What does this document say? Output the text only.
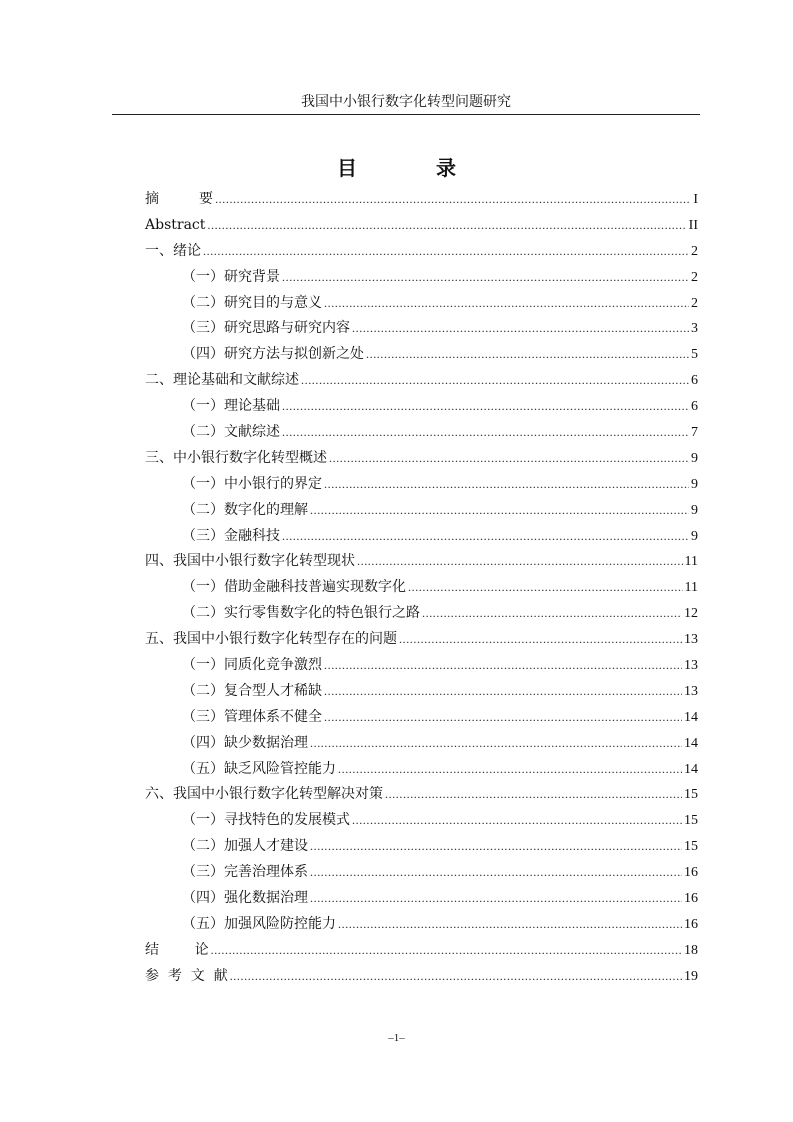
我国中小银行数字化转型问题研究
目 录
摘         要 .....	I
Abstract .....	II
一、绪论 .....	2
（一）研究背景 .....	2
（二）研究目的与意义 .....	2
（三）研究思路与研究内容 .....	3
（四）研究方法与拟创新之处 .....	5
二、理论基础和文献综述 .....	6
（一）理论基础 .....	6
（二）文献综述 .....	7
三、中小银行数字化转型概述 .....	9
（一）中小银行的界定 .....	9
（二）数字化的理解 .....	9
（三）金融科技 .....	9
四、我国中小银行数字化转型现状 .....	11
（一）借助金融科技普遍实现数字化 .....	11
（二）实行零售数字化的特色银行之路 .....	12
五、我国中小银行数字化转型存在的问题 .....	13
（一）同质化竞争激烈 .....	13
（二）复合型人才稀缺 .....	13
（三）管理体系不健全 .....	14
（四）缺少数据治理 .....	14
（五）缺乏风险管控能力 .....	14
六、我国中小银行数字化转型解决对策 .....	15
（一）寻找特色的发展模式 .....	15
（二）加强人才建设 .....	15
（三）完善治理体系 .....	16
（四）强化数据治理 .....	16
（五）加强风险防控能力 .....	16
结        论 .....	18
参  考  文  献 .....	19
–1–
